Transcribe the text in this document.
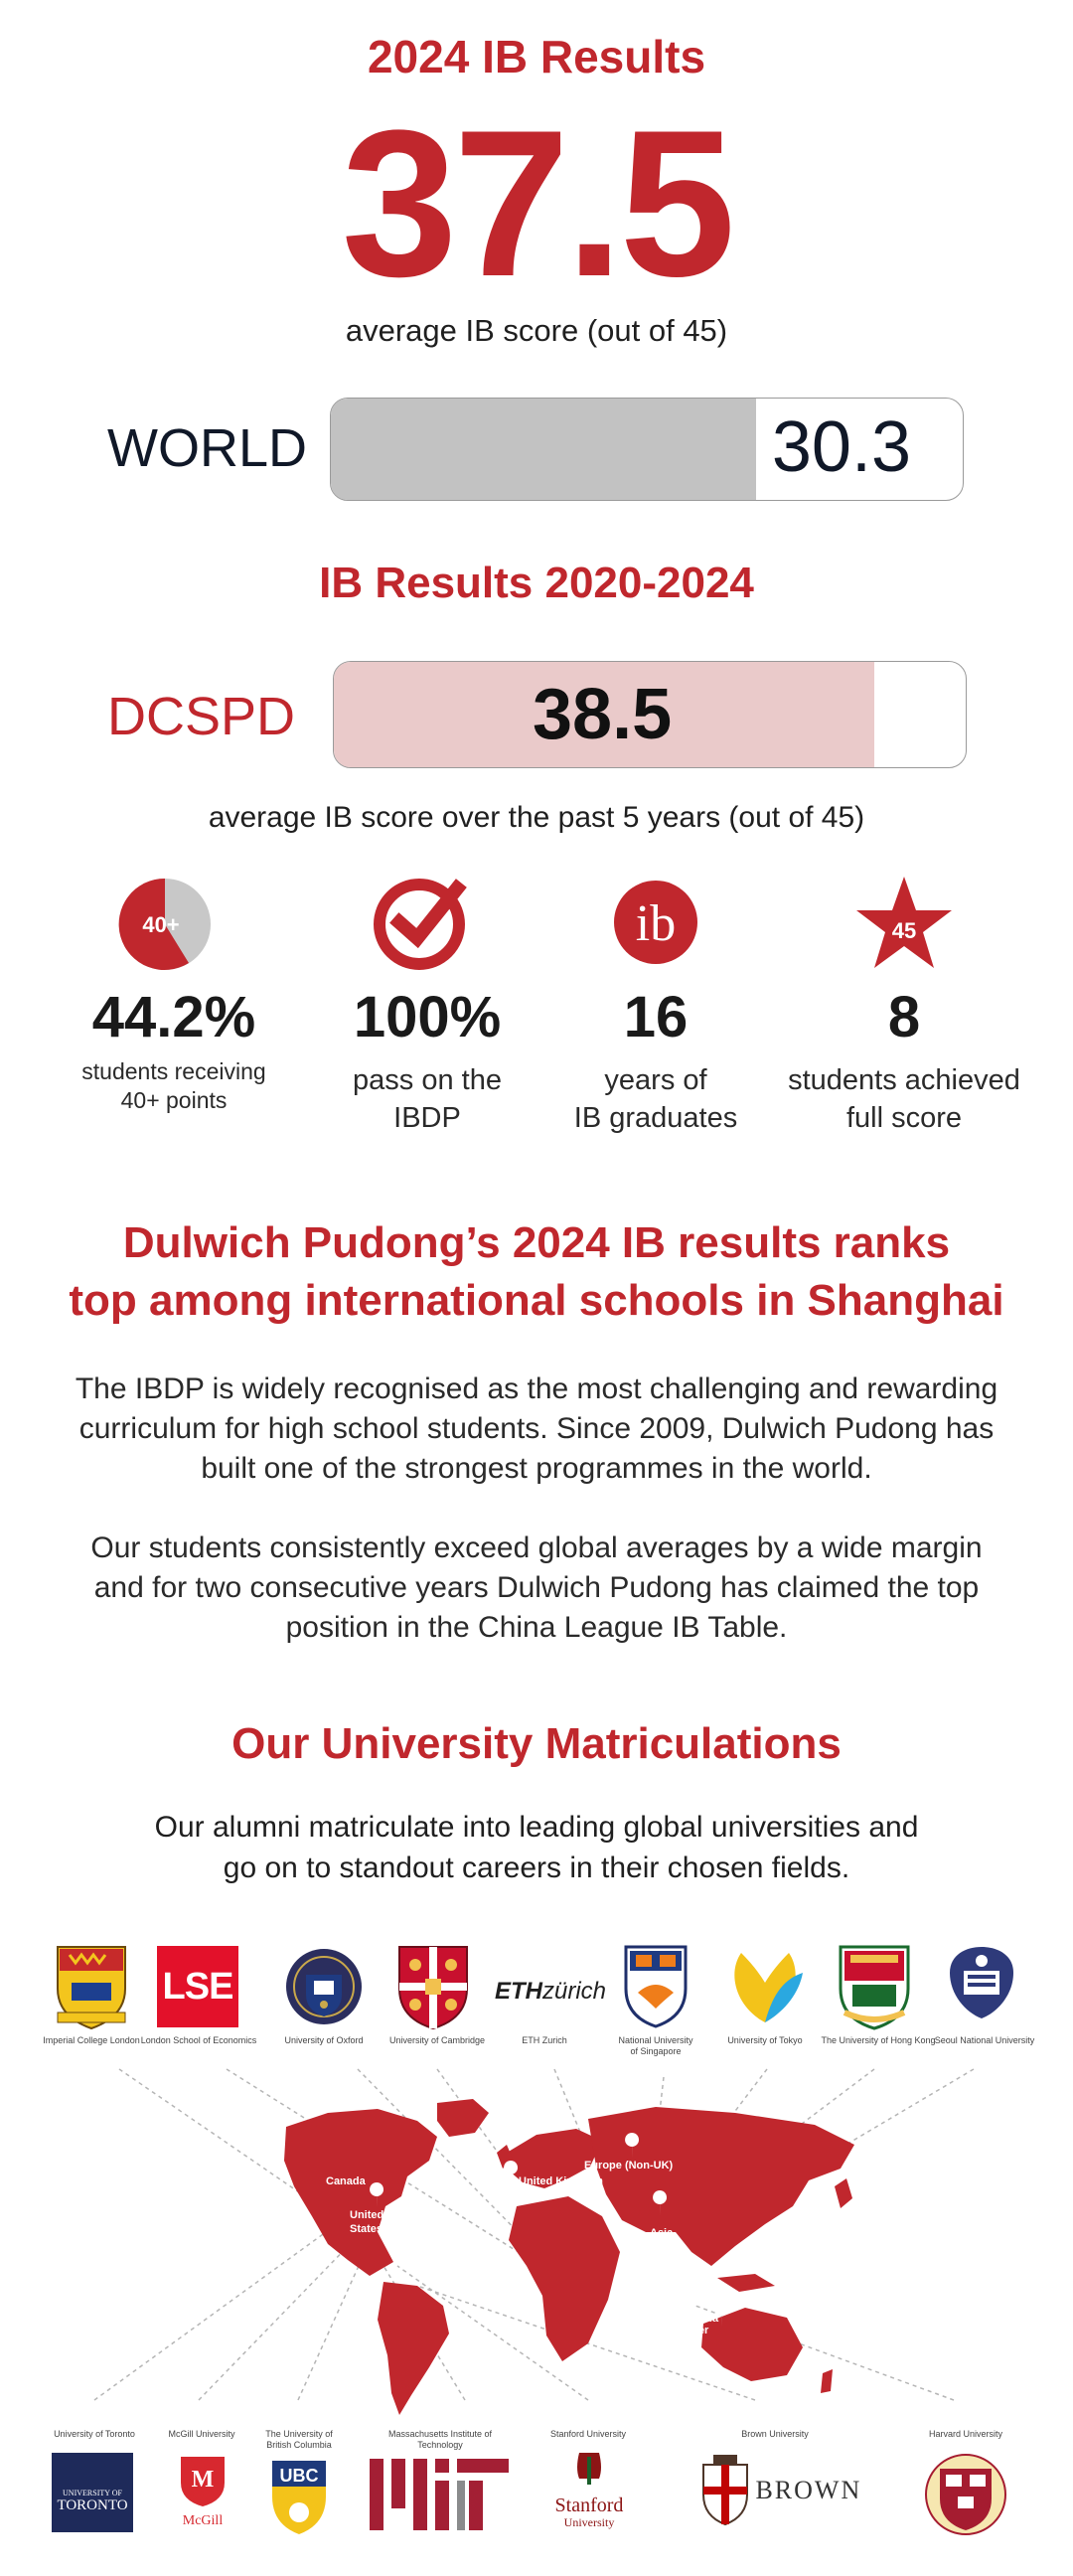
2024 IB Results
37.5
average IB score (out of 45)
WORLD	30.3
IB Results 2020-2024
DCSPD	38.5
average IB score over the past 5 years (out of 45)
40+
44.2%
students receiving
40+ points
100%
pass on the
IBDP
ib
16
years of
IB graduates
45
8
students achieved
full score
Dulwich Pudong’s 2024 IB results ranks
top among international schools in Shanghai
The IBDP is widely recognised as the most challenging and rewarding
curriculum for high school students. Since 2009, Dulwich Pudong has
built one of the strongest programmes in the world.
Our students consistently exceed global averages by a wide margin
and for two consecutive years Dulwich Pudong has claimed the top
position in the China League IB Table.
Our University Matriculations
Our alumni matriculate into leading global universities and
go on to standout careers in their chosen fields.
Imperial College London
LSE
London School of Economics	University of Oxford	University of Cambridge
ETHzürich
ETH Zurich	National University
of Singapore
University of Tokyo	The University of Hong Kong Seoul National University
Canada
United
States
United Kingdom
Europe (Non-UK)
Asia
Australia
Other
University of Toronto
UNIVERSITY OF
TORONTO
McGill University
M
McGill
The University of
British Columbia
UBC
Massachusetts Institute of Technology
Stanford University
Stanford
University
Brown University
BROWN
Harvard University
